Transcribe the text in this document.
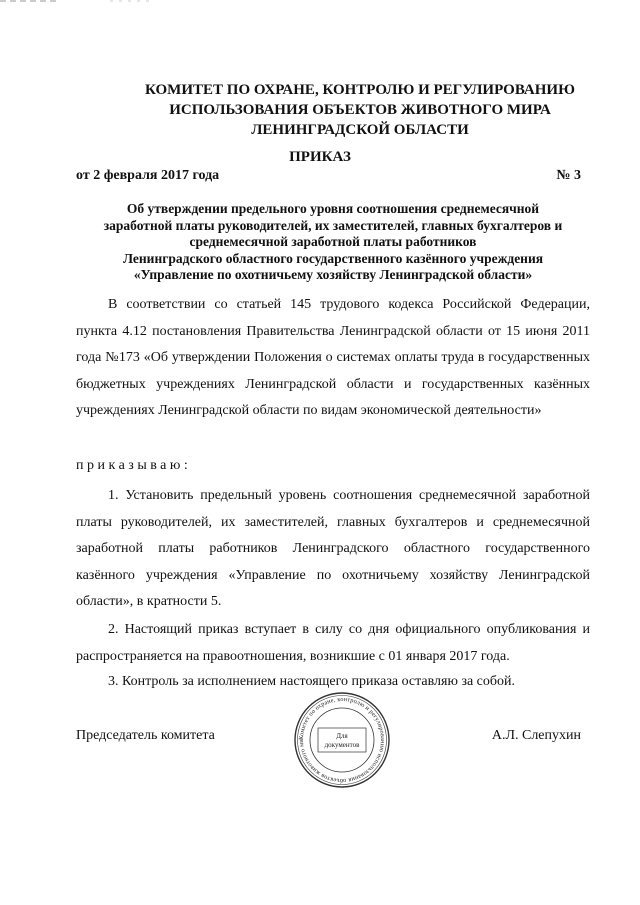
КОМИТЕТ ПО ОХРАНЕ, КОНТРОЛЮ И РЕГУЛИРОВАНИЮ
ИСПОЛЬЗОВАНИЯ ОБЪЕКТОВ ЖИВОТНОГО МИРА
ЛЕНИНГРАДСКОЙ ОБЛАСТИ
ПРИКАЗ
от 2 февраля 2017 года	№ 3
Об утверждении предельного уровня соотношения среднемесячной
заработной платы руководителей, их заместителей, главных бухгалтеров и
среднемесячной заработной платы работников
Ленинградского областного государственного казённого учреждения
«Управление по охотничьему хозяйству Ленинградской области»
В соответствии со статьей 145 трудового кодекса Российской Федерации, пункта 4.12 постановления Правительства Ленинградской области от 15 июня 2011 года №173 «Об утверждении Положения о системах оплаты труда в государственных бюджетных учреждениях Ленинградской области и государственных казённых учреждениях Ленинградской области по видам экономической деятельности»
приказываю:
1. Установить предельный уровень соотношения среднемесячной заработной платы руководителей, их заместителей, главных бухгалтеров и среднемесячной заработной платы работников Ленинградского областного государственного казённого учреждения «Управление по охотничьему хозяйству Ленинградской области», в кратности 5.
2. Настоящий приказ вступает в силу со дня официального опубликования и распространяется на правоотношения, возникшие с 01 января 2017 года.
3. Контроль за исполнением настоящего приказа оставляю за собой.
Председатель комитета	А.Л. Слепухин
Комитет по охране, контролю и регулированию использования объектов животного ми
Для
документов
